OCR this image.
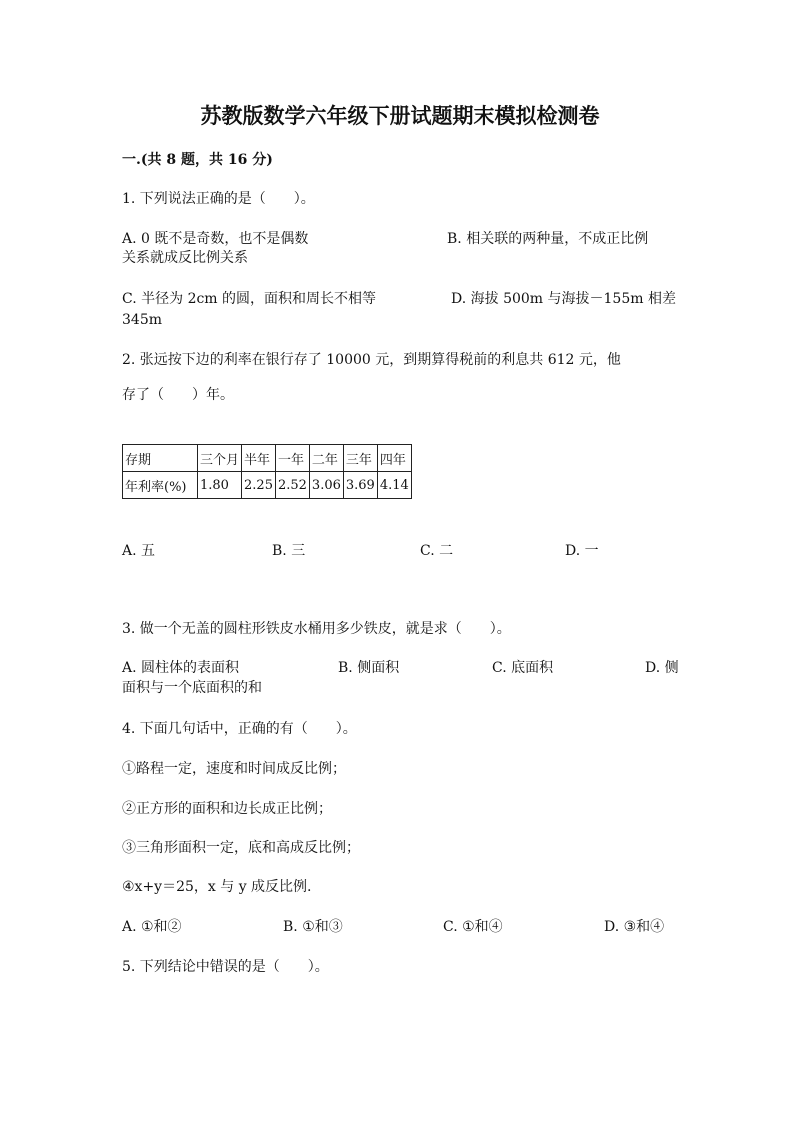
苏教版数学六年级下册试题期末模拟检测卷
一.(共 8 题，共 16 分)
1. 下列说法正确的是（　　）。
A. 0 既不是奇数，也不是偶数	B. 相关联的两种量，不成正比例
关系就成反比例关系
C. 半径为 2cm 的圆，面积和周长不相等	D. 海拔 500m 与海拔－155m 相差
345m
2. 张远按下边的利率在银行存了 10000 元，到期算得税前的利息共 612 元，他
存了（　　）年。
存期	三个月	半年	一年	二年	三年	四年
年利率(%)	1.80	2.25	2.52	3.06	3.69	4.14
A. 五	B. 三	C. 二	D. 一
3. 做一个无盖的圆柱形铁皮水桶用多少铁皮，就是求（　　）。
A. 圆柱体的表面积	B. 侧面积	C. 底面积	D. 侧
面积与一个底面积的和
4. 下面几句话中，正确的有（　　）。
①路程一定，速度和时间成反比例；
②正方形的面积和边长成正比例；
③三角形面积一定，底和高成反比例；
④x+y＝25，x 与 y 成反比例.
A. ①和②	B. ①和③	C. ①和④	D. ③和④
5. 下列结论中错误的是（　　）。
